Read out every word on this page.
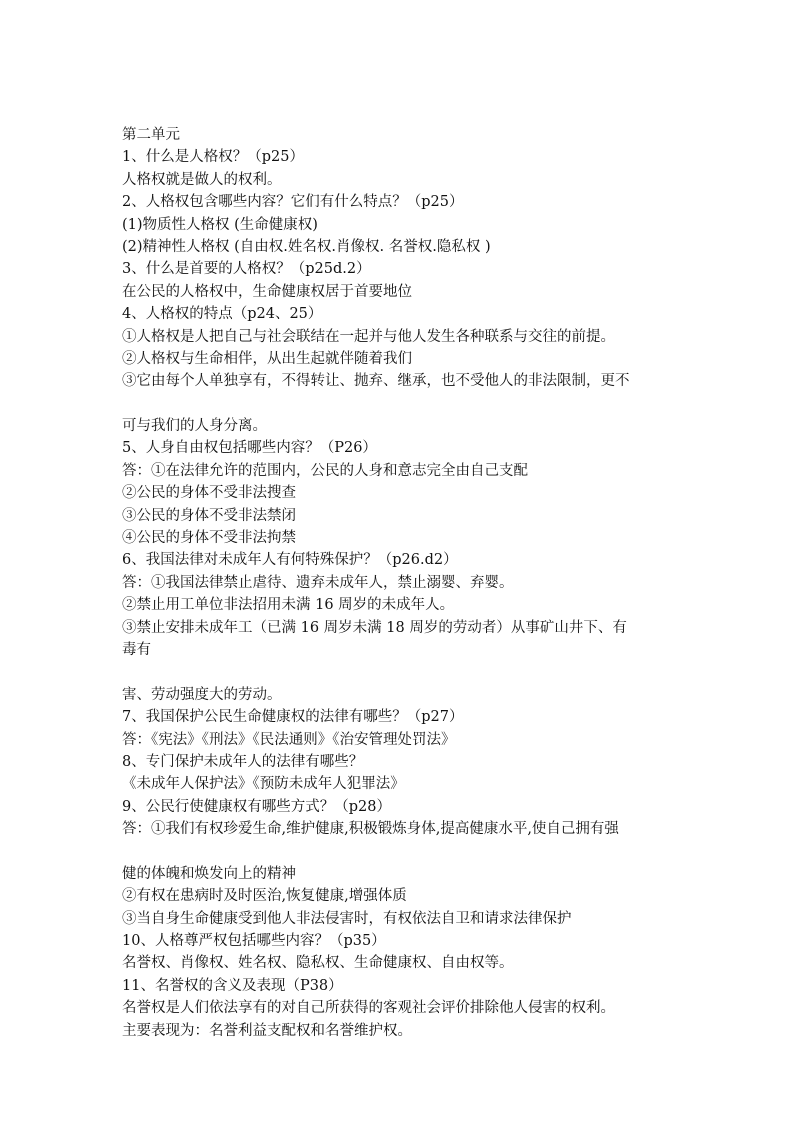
第二单元
1、什么是人格权？（p25）
人格权就是做人的权利。
2、人格权包含哪些内容？它们有什么特点？（p25）
(1)物质性人格权 (生命健康权)
(2)精神性人格权 (自由权.姓名权.肖像权. 名誉权.隐私权 )
3、什么是首要的人格权？（p25d.2）
在公民的人格权中，生命健康权居于首要地位
4、人格权的特点（p24、25）
①人格权是人把自己与社会联结在一起并与他人发生各种联系与交往的前提。
②人格权与生命相伴，从出生起就伴随着我们
③它由每个人单独享有，不得转让、抛弃、继承，也不受他人的非法限制，更不
可与我们的人身分离。
5、人身自由权包括哪些内容？（P26）
答：①在法律允许的范围内，公民的人身和意志完全由自己支配
②公民的身体不受非法搜查
③公民的身体不受非法禁闭
④公民的身体不受非法拘禁
6、我国法律对未成年人有何特殊保护？（p26.d2）
答：①我国法律禁止虐待、遗弃未成年人，禁止溺婴、弃婴。
②禁止用工单位非法招用未满 16 周岁的未成年人。
③禁止安排未成年工（已满 16 周岁未满 18 周岁的劳动者）从事矿山井下、有
毒有
害、劳动强度大的劳动。
7、我国保护公民生命健康权的法律有哪些？（p27）
答：《宪法》《刑法》《民法通则》《治安管理处罚法》
8、专门保护未成年人的法律有哪些？
《未成年人保护法》《预防未成年人犯罪法》
9、公民行使健康权有哪些方式？（p28）
答：①我们有权珍爱生命,维护健康,积极锻炼身体,提高健康水平,使自己拥有强
健的体魄和焕发向上的精神
②有权在患病时及时医治,恢复健康,增强体质
③当自身生命健康受到他人非法侵害时，有权依法自卫和请求法律保护
10、人格尊严权包括哪些内容？（p35）
名誉权、肖像权、姓名权、隐私权、生命健康权、自由权等。
11、名誉权的含义及表现（P38）
名誉权是人们依法享有的对自己所获得的客观社会评价排除他人侵害的权利。
主要表现为：名誉利益支配权和名誉维护权。
